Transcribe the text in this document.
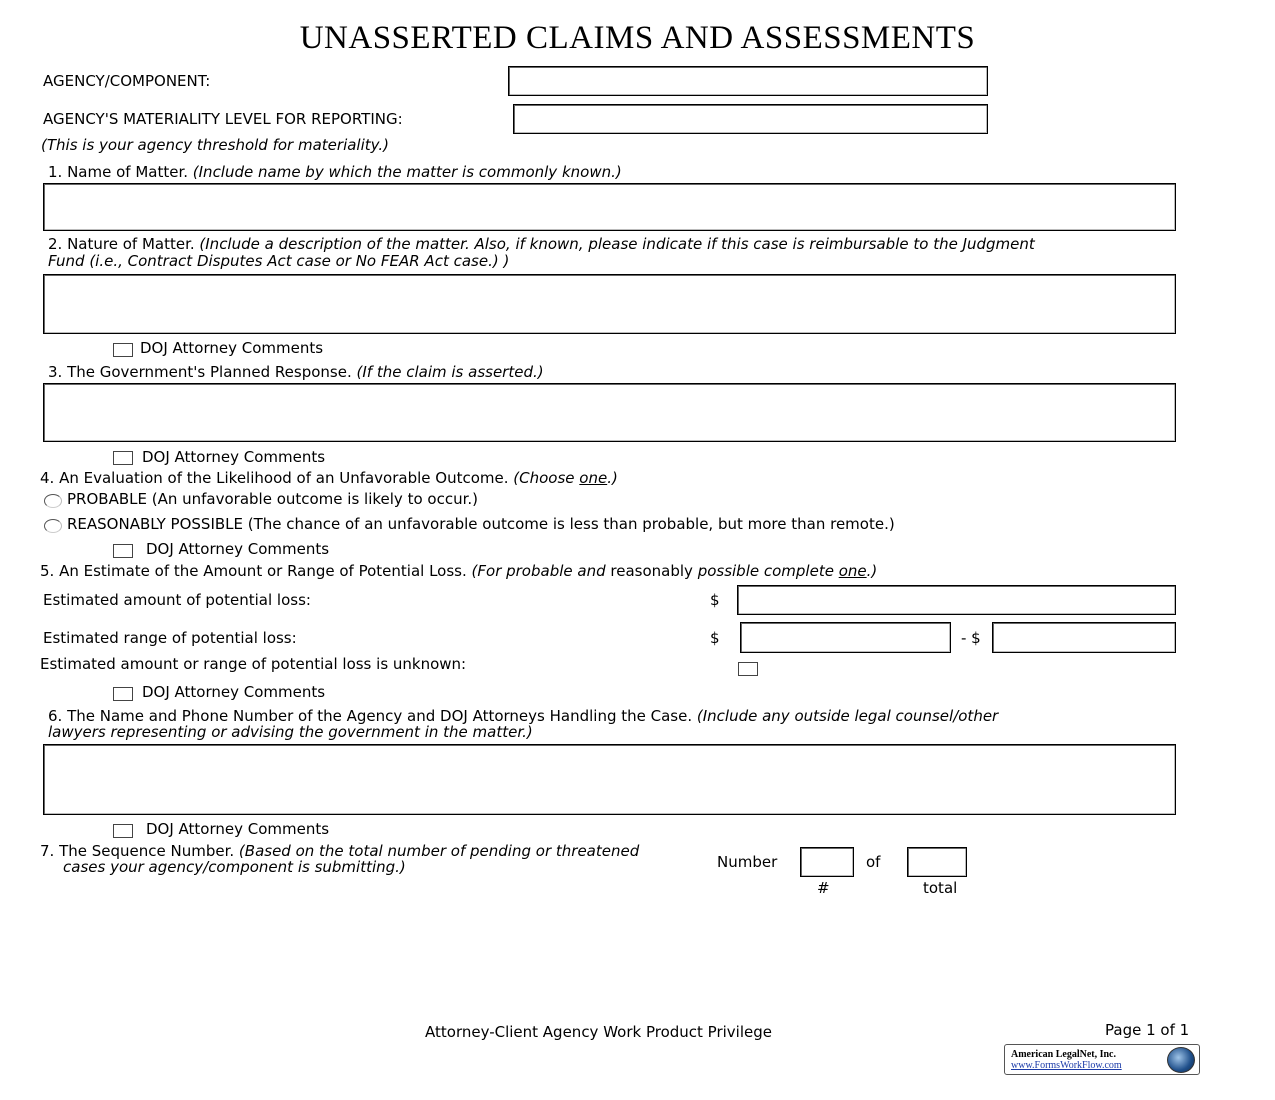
UNASSERTED CLAIMS AND ASSESSMENTS
AGENCY/COMPONENT:
AGENCY'S MATERIALITY LEVEL FOR REPORTING:
(This is your agency threshold for materiality.)
1. Name of Matter. (Include name by which the matter is commonly known.)
2. Nature of Matter. (Include a description of the matter. Also, if known, please indicate if this case is reimbursable to the Judgment
Fund (i.e., Contract Disputes Act case or No FEAR Act case.) )
DOJ Attorney Comments
3. The Government's Planned Response. (If the claim is asserted.)
DOJ Attorney Comments
4. An Evaluation of the Likelihood of an Unfavorable Outcome. (Choose one.)
PROBABLE (An unfavorable outcome is likely to occur.)
REASONABLY POSSIBLE (The chance of an unfavorable outcome is less than probable, but more than remote.)
DOJ Attorney Comments
5. An Estimate of the Amount or Range of Potential Loss. (For probable and reasonably possible complete one.)
Estimated amount of potential loss:	$
Estimated range of potential loss:	$	- $
Estimated amount or range of potential loss is unknown:
DOJ Attorney Comments
6. The Name and Phone Number of the Agency and DOJ Attorneys Handling the Case. (Include any outside legal counsel/other
lawyers representing or advising the government in the matter.)
DOJ Attorney Comments
7. The Sequence Number. (Based on the total number of pending or threatened
cases your agency/component is submitting.)	Number	of
#	total
Attorney-Client Agency Work Product Privilege	Page 1 of 1
American LegalNet, Inc.
www.FormsWorkFlow.com
